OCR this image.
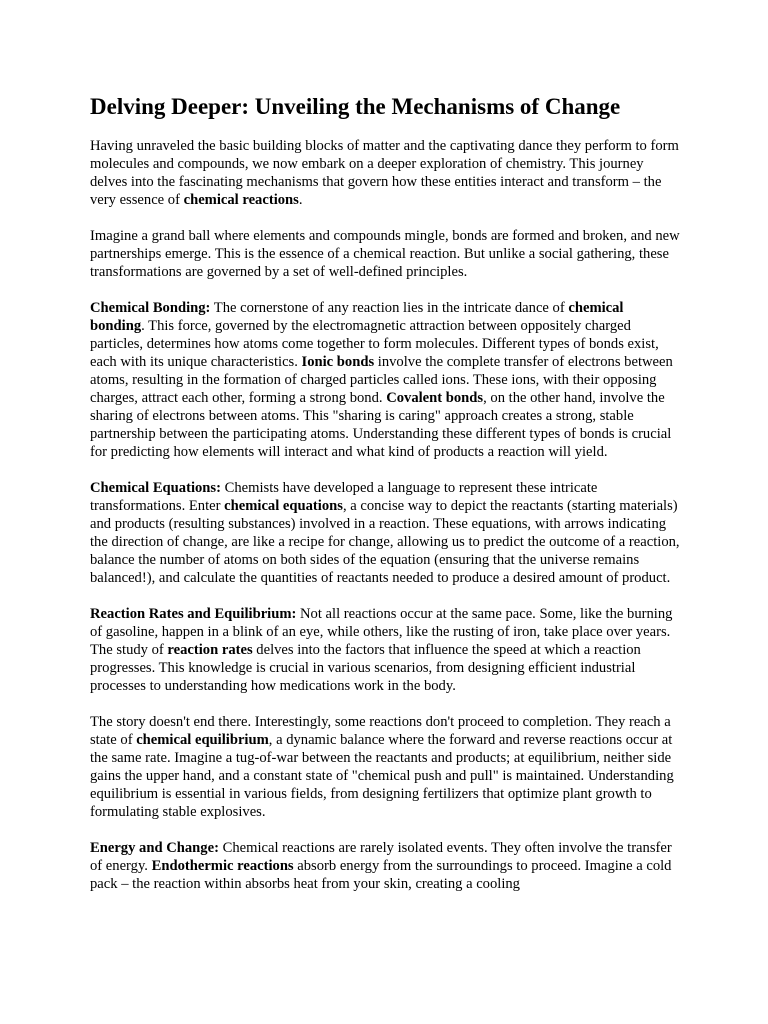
Delving Deeper: Unveiling the Mechanisms of Change

Having unraveled the basic building blocks of matter and the captivating dance they perform to form molecules and compounds, we now embark on a deeper exploration of chemistry. This journey delves into the fascinating mechanisms that govern how these entities interact and transform – the very essence of chemical reactions.

Imagine a grand ball where elements and compounds mingle, bonds are formed and broken, and new partnerships emerge. This is the essence of a chemical reaction. But unlike a social gathering, these transformations are governed by a set of well-defined principles.

Chemical Bonding: The cornerstone of any reaction lies in the intricate dance of chemical bonding. This force, governed by the electromagnetic attraction between oppositely charged particles, determines how atoms come together to form molecules. Different types of bonds exist, each with its unique characteristics. Ionic bonds involve the complete transfer of electrons between atoms, resulting in the formation of charged particles called ions. These ions, with their opposing charges, attract each other, forming a strong bond. Covalent bonds, on the other hand, involve the sharing of electrons between atoms. This "sharing is caring" approach creates a strong, stable partnership between the participating atoms. Understanding these different types of bonds is crucial for predicting how elements will interact and what kind of products a reaction will yield.

Chemical Equations: Chemists have developed a language to represent these intricate transformations. Enter chemical equations, a concise way to depict the reactants (starting materials) and products (resulting substances) involved in a reaction. These equations, with arrows indicating the direction of change, are like a recipe for change, allowing us to predict the outcome of a reaction, balance the number of atoms on both sides of the equation (ensuring that the universe remains balanced!), and calculate the quantities of reactants needed to produce a desired amount of product.

Reaction Rates and Equilibrium: Not all reactions occur at the same pace. Some, like the burning of gasoline, happen in a blink of an eye, while others, like the rusting of iron, take place over years. The study of reaction rates delves into the factors that influence the speed at which a reaction progresses. This knowledge is crucial in various scenarios, from designing efficient industrial processes to understanding how medications work in the body.

The story doesn't end there. Interestingly, some reactions don't proceed to completion. They reach a state of chemical equilibrium, a dynamic balance where the forward and reverse reactions occur at the same rate. Imagine a tug-of-war between the reactants and products; at equilibrium, neither side gains the upper hand, and a constant state of "chemical push and pull" is maintained. Understanding equilibrium is essential in various fields, from designing fertilizers that optimize plant growth to formulating stable explosives.

Energy and Change: Chemical reactions are rarely isolated events. They often involve the transfer of energy. Endothermic reactions absorb energy from the surroundings to proceed. Imagine a cold pack – the reaction within absorbs heat from your skin, creating a cooling
